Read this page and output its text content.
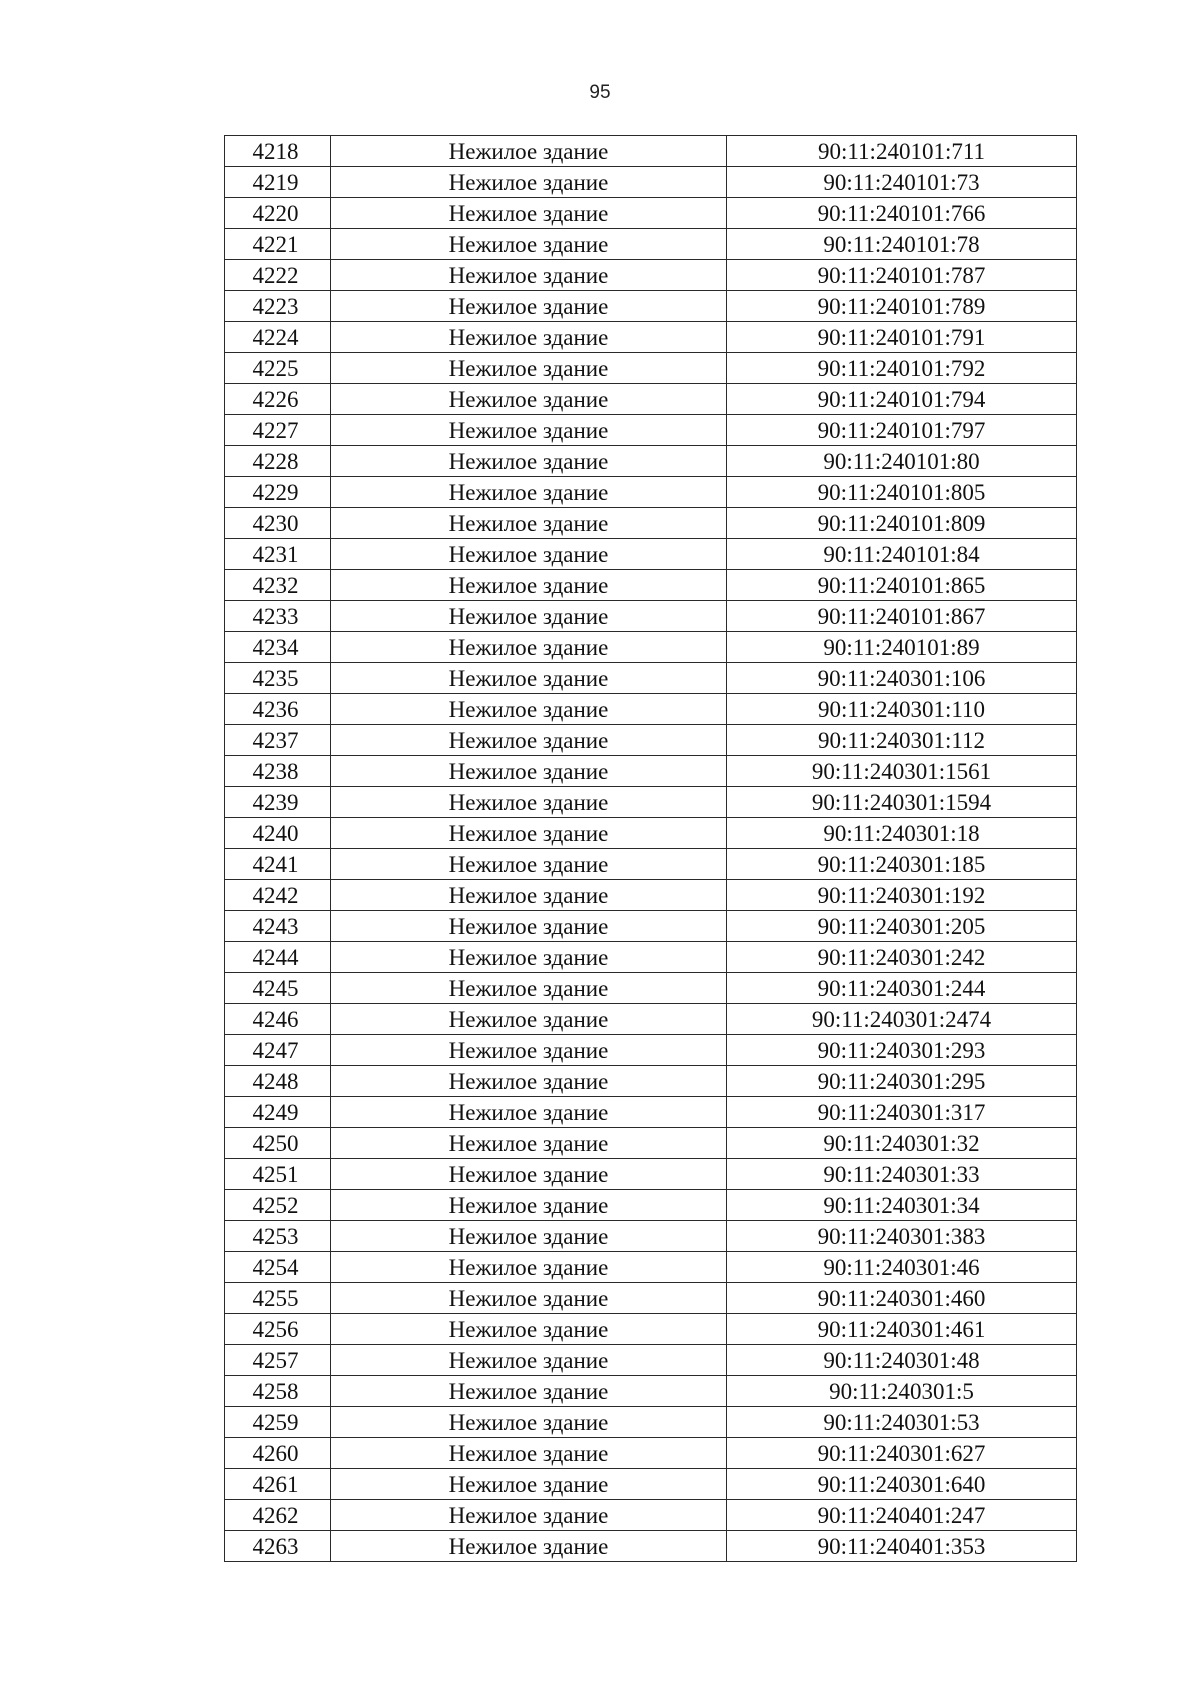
95
4218	Нежилое здание	90:11:240101:711
4219	Нежилое здание	90:11:240101:73
4220	Нежилое здание	90:11:240101:766
4221	Нежилое здание	90:11:240101:78
4222	Нежилое здание	90:11:240101:787
4223	Нежилое здание	90:11:240101:789
4224	Нежилое здание	90:11:240101:791
4225	Нежилое здание	90:11:240101:792
4226	Нежилое здание	90:11:240101:794
4227	Нежилое здание	90:11:240101:797
4228	Нежилое здание	90:11:240101:80
4229	Нежилое здание	90:11:240101:805
4230	Нежилое здание	90:11:240101:809
4231	Нежилое здание	90:11:240101:84
4232	Нежилое здание	90:11:240101:865
4233	Нежилое здание	90:11:240101:867
4234	Нежилое здание	90:11:240101:89
4235	Нежилое здание	90:11:240301:106
4236	Нежилое здание	90:11:240301:110
4237	Нежилое здание	90:11:240301:112
4238	Нежилое здание	90:11:240301:1561
4239	Нежилое здание	90:11:240301:1594
4240	Нежилое здание	90:11:240301:18
4241	Нежилое здание	90:11:240301:185
4242	Нежилое здание	90:11:240301:192
4243	Нежилое здание	90:11:240301:205
4244	Нежилое здание	90:11:240301:242
4245	Нежилое здание	90:11:240301:244
4246	Нежилое здание	90:11:240301:2474
4247	Нежилое здание	90:11:240301:293
4248	Нежилое здание	90:11:240301:295
4249	Нежилое здание	90:11:240301:317
4250	Нежилое здание	90:11:240301:32
4251	Нежилое здание	90:11:240301:33
4252	Нежилое здание	90:11:240301:34
4253	Нежилое здание	90:11:240301:383
4254	Нежилое здание	90:11:240301:46
4255	Нежилое здание	90:11:240301:460
4256	Нежилое здание	90:11:240301:461
4257	Нежилое здание	90:11:240301:48
4258	Нежилое здание	90:11:240301:5
4259	Нежилое здание	90:11:240301:53
4260	Нежилое здание	90:11:240301:627
4261	Нежилое здание	90:11:240301:640
4262	Нежилое здание	90:11:240401:247
4263	Нежилое здание	90:11:240401:353
